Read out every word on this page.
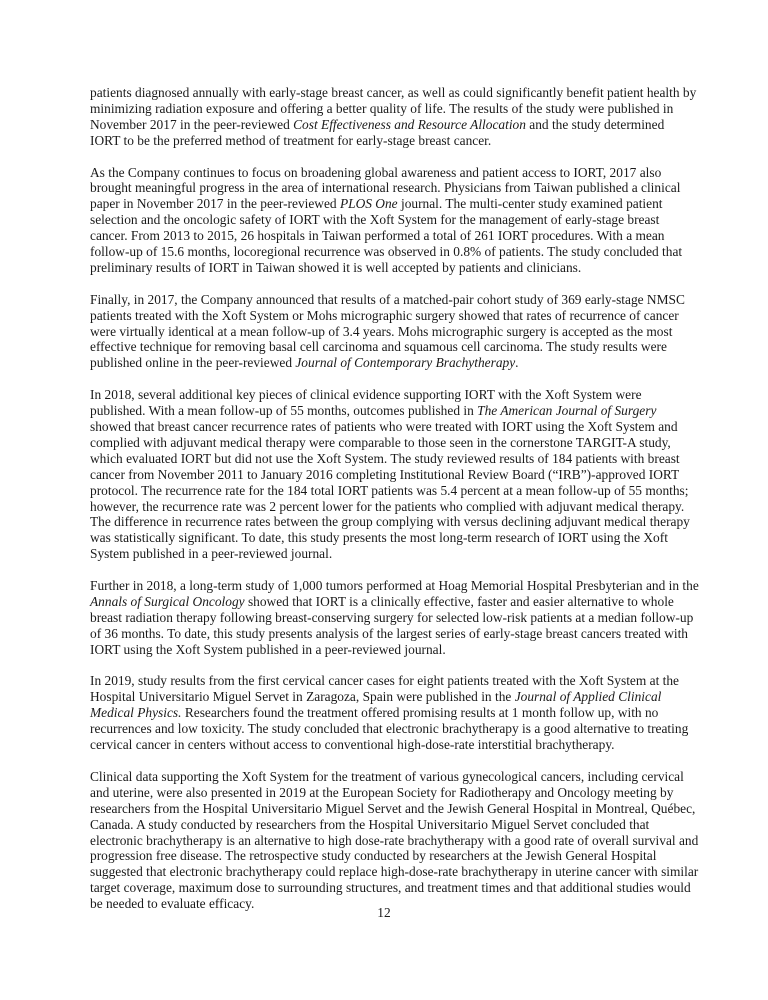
patients diagnosed annually with early-stage breast cancer, as well as could significantly benefit patient health by
minimizing radiation exposure and offering a better quality of life. The results of the study were published in
November 2017 in the peer-reviewed Cost Effectiveness and Resource Allocation and the study determined
IORT to be the preferred method of treatment for early-stage breast cancer.

As the Company continues to focus on broadening global awareness and patient access to IORT, 2017 also
brought meaningful progress in the area of international research. Physicians from Taiwan published a clinical
paper in November 2017 in the peer-reviewed PLOS One journal. The multi-center study examined patient
selection and the oncologic safety of IORT with the Xoft System for the management of early-stage breast
cancer. From 2013 to 2015, 26 hospitals in Taiwan performed a total of 261 IORT procedures. With a mean
follow-up of 15.6 months, locoregional recurrence was observed in 0.8% of patients. The study concluded that
preliminary results of IORT in Taiwan showed it is well accepted by patients and clinicians.

Finally, in 2017, the Company announced that results of a matched-pair cohort study of 369 early-stage NMSC
patients treated with the Xoft System or Mohs micrographic surgery showed that rates of recurrence of cancer
were virtually identical at a mean follow-up of 3.4 years. Mohs micrographic surgery is accepted as the most
effective technique for removing basal cell carcinoma and squamous cell carcinoma. The study results were
published online in the peer-reviewed Journal of Contemporary Brachytherapy.

In 2018, several additional key pieces of clinical evidence supporting IORT with the Xoft System were
published. With a mean follow-up of 55 months, outcomes published in The American Journal of Surgery
showed that breast cancer recurrence rates of patients who were treated with IORT using the Xoft System and
complied with adjuvant medical therapy were comparable to those seen in the cornerstone TARGIT-A study,
which evaluated IORT but did not use the Xoft System. The study reviewed results of 184 patients with breast
cancer from November 2011 to January 2016 completing Institutional Review Board (“IRB”)-approved IORT
protocol. The recurrence rate for the 184 total IORT patients was 5.4 percent at a mean follow-up of 55 months;
however, the recurrence rate was 2 percent lower for the patients who complied with adjuvant medical therapy.
The difference in recurrence rates between the group complying with versus declining adjuvant medical therapy
was statistically significant. To date, this study presents the most long-term research of IORT using the Xoft
System published in a peer-reviewed journal.

Further in 2018, a long-term study of 1,000 tumors performed at Hoag Memorial Hospital Presbyterian and in the
Annals of Surgical Oncology showed that IORT is a clinically effective, faster and easier alternative to whole
breast radiation therapy following breast-conserving surgery for selected low-risk patients at a median follow-up
of 36 months. To date, this study presents analysis of the largest series of early-stage breast cancers treated with
IORT using the Xoft System published in a peer-reviewed journal.

In 2019, study results from the first cervical cancer cases for eight patients treated with the Xoft System at the
Hospital Universitario Miguel Servet in Zaragoza, Spain were published in the Journal of Applied Clinical
Medical Physics. Researchers found the treatment offered promising results at 1 month follow up, with no
recurrences and low toxicity. The study concluded that electronic brachytherapy is a good alternative to treating
cervical cancer in centers without access to conventional high-dose-rate interstitial brachytherapy.

Clinical data supporting the Xoft System for the treatment of various gynecological cancers, including cervical
and uterine, were also presented in 2019 at the European Society for Radiotherapy and Oncology meeting by
researchers from the Hospital Universitario Miguel Servet and the Jewish General Hospital in Montreal, Québec,
Canada. A study conducted by researchers from the Hospital Universitario Miguel Servet concluded that
electronic brachytherapy is an alternative to high dose-rate brachytherapy with a good rate of overall survival and
progression free disease. The retrospective study conducted by researchers at the Jewish General Hospital
suggested that electronic brachytherapy could replace high-dose-rate brachytherapy in uterine cancer with similar
target coverage, maximum dose to surrounding structures, and treatment times and that additional studies would
be needed to evaluate efficacy.

12
